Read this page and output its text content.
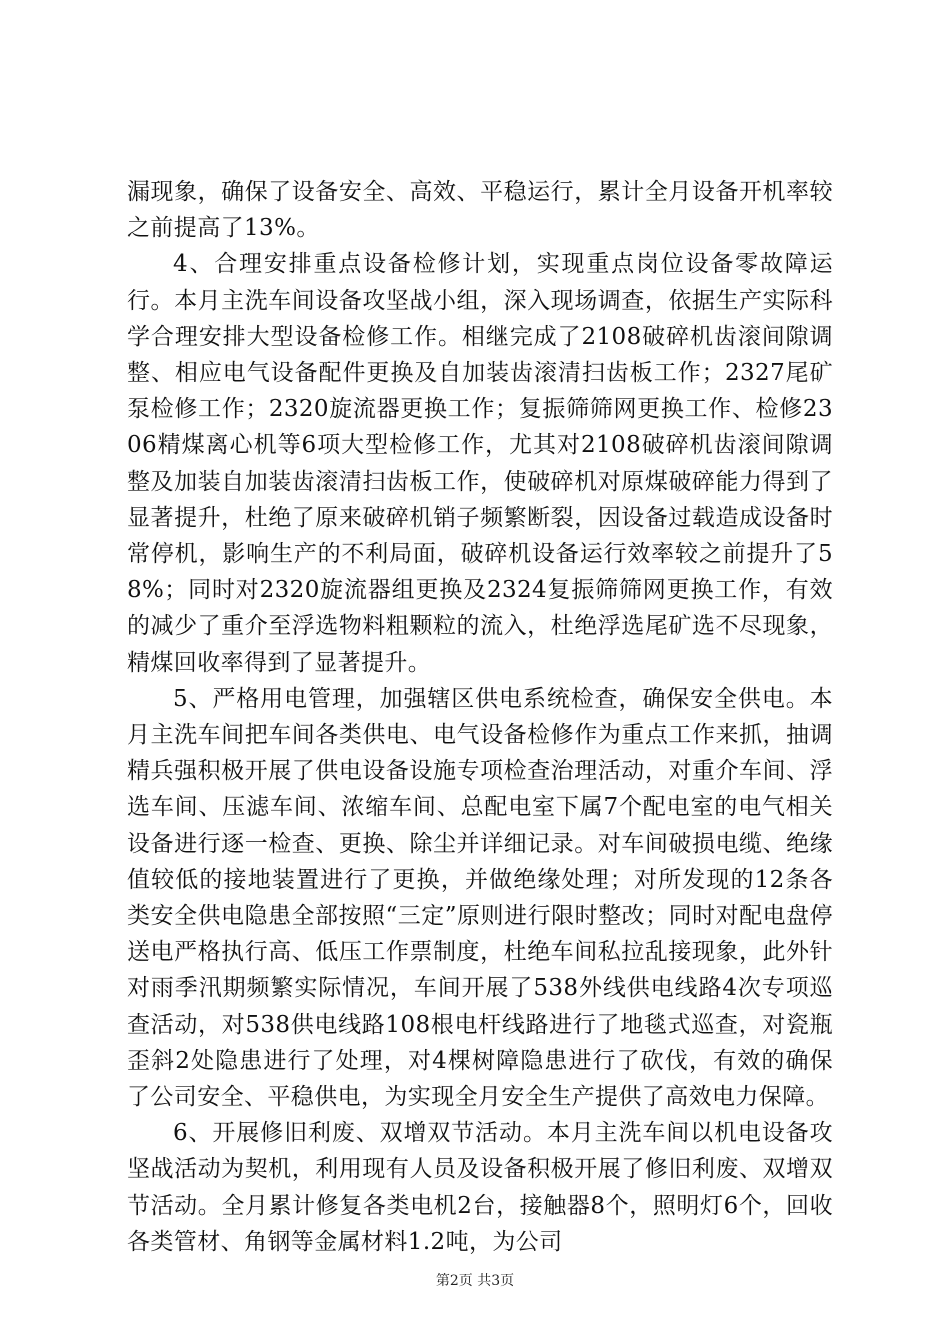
漏现象，确保了设备安全、高效、平稳运行，累计全月设备开机率较之前提高了13%。

4、合理安排重点设备检修计划，实现重点岗位设备零故障运行。本月主洗车间设备攻坚战小组，深入现场调查，依据生产实际科学合理安排大型设备检修工作。相继完成了2108破碎机齿滚间隙调整、相应电气设备配件更换及自加装齿滚清扫齿板工作；2327尾矿泵检修工作；2320旋流器更换工作；复振筛筛网更换工作、检修2306精煤离心机等6项大型检修工作，尤其对2108破碎机齿滚间隙调整及加装自加装齿滚清扫齿板工作，使破碎机对原煤破碎能力得到了显著提升，杜绝了原来破碎机销子频繁断裂，因设备过载造成设备时常停机，影响生产的不利局面，破碎机设备运行效率较之前提升了58%；同时对2320旋流器组更换及2324复振筛筛网更换工作，有效的减少了重介至浮选物料粗颗粒的流入，杜绝浮选尾矿选不尽现象，精煤回收率得到了显著提升。

5、严格用电管理，加强辖区供电系统检查，确保安全供电。本月主洗车间把车间各类供电、电气设备检修作为重点工作来抓，抽调精兵强积极开展了供电设备设施专项检查治理活动，对重介车间、浮选车间、压滤车间、浓缩车间、总配电室下属7个配电室的电气相关设备进行逐一检查、更换、除尘并详细记录。对车间破损电缆、绝缘值较低的接地装置进行了更换，并做绝缘处理；对所发现的12条各类安全供电隐患全部按照“三定”原则进行限时整改；同时对配电盘停送电严格执行高、低压工作票制度，杜绝车间私拉乱接现象，此外针对雨季汛期频繁实际情况，车间开展了538外线供电线路4次专项巡查活动，对538供电线路108根电杆线路进行了地毯式巡查，对瓷瓶歪斜2处隐患进行了处理，对4棵树障隐患进行了砍伐，有效的确保了公司安全、平稳供电，为实现全月安全生产提供了高效电力保障。

6、开展修旧利废、双增双节活动。本月主洗车间以机电设备攻坚战活动为契机，利用现有人员及设备积极开展了修旧利废、双增双节活动。全月累计修复各类电机2台，接触器8个，照明灯6个，回收各类管材、角钢等金属材料1.2吨，为公司

第2页 共3页
